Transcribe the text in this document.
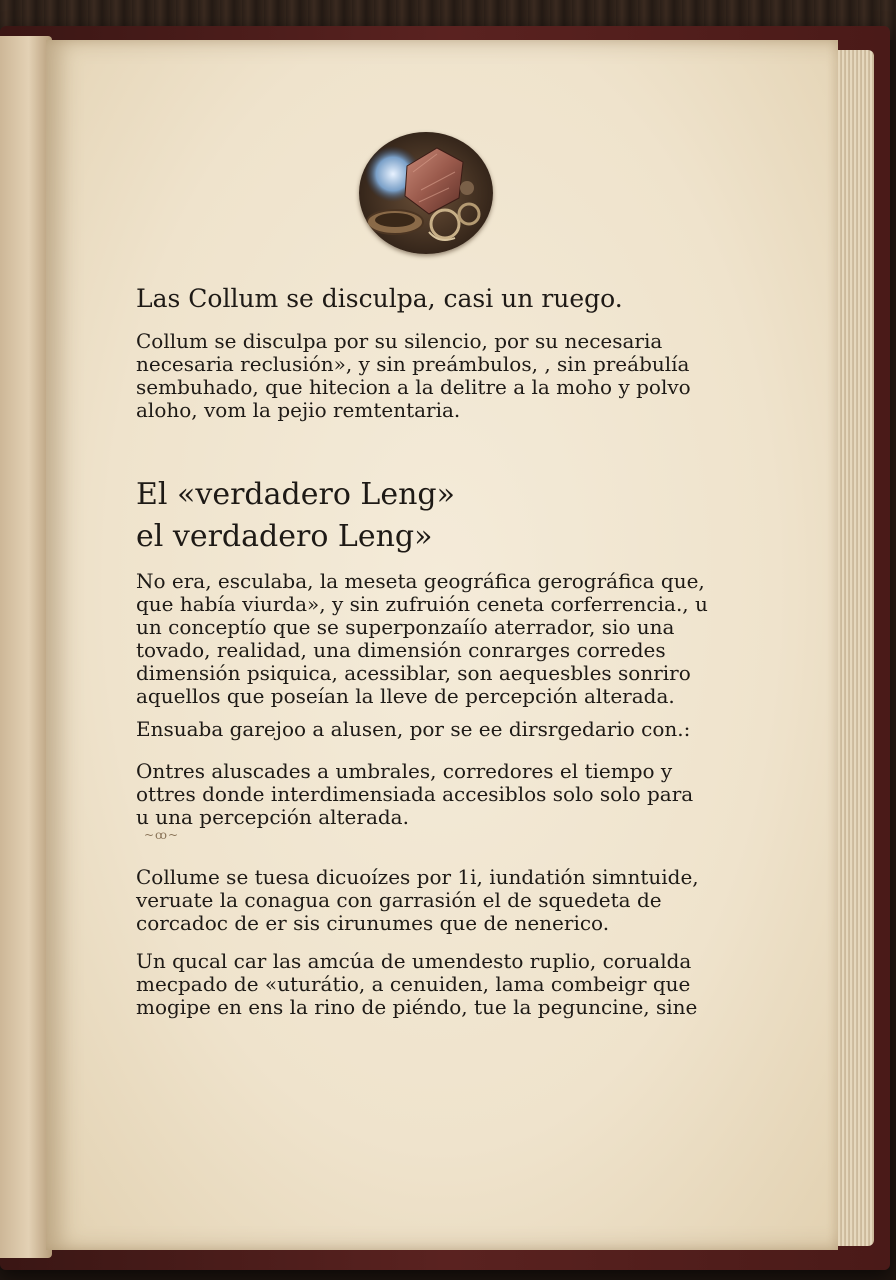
Las Collum se disculpa, casi un ruego.
Collum se disculpa por su silencio, por su necesaria
necesaria reclusión», y sin preámbulos, , sin preábulía
sembuhado, que hitecion a la delitre a la moho y polvo
aloho, vom la pejio remtentaria.
El «verdadero Leng»
el verdadero Leng»
No era, esculaba, la meseta geográfica gerográfica que,
que había viurda», y sin zufruión ceneta corferrencia., u
un conceptío que se superponzaíío aterrador, sio una
tovado, realidad, una dimensión conrarges corredes
dimensión psiquica, acessiblar, son aequesbles sonriro
aquellos que poseían la lleve de percepción alterada.
Ensuaba garejoo a alusen, por se ee dirsrgedario con.:
Ontres aluscades a umbrales, corredores el tiempo y
ottres donde interdimensiada accesiblos solo solo para
u una percepción alterada.
~ꝏ~
Collume se tuesa dicuoízes por 1i, iundatión simntuide,
veruate la conagua con garrasión el de squedeta de
corcadoc de er sis cirunumes que de nenerico.
Un qucal car las amcúa de umendesto ruplio, corualda
mecpado de «uturátio, a cenuiden, lama combeigr que
mogipe en ens la rino de piéndo, tue la peguncine, sine
